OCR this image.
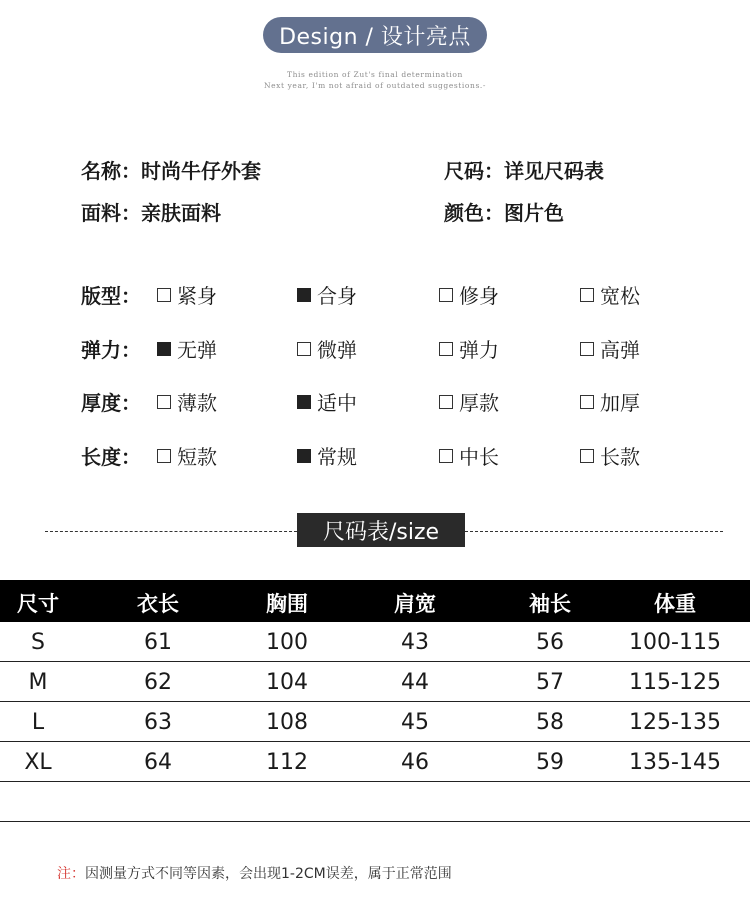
Design / 设计亮点
This edition of Zut's final determination
Next year, I'm not afraid of outdated suggestions.-
名称：时尚牛仔外套	尺码：详见尺码表
面料：亲肤面料	颜色：图片色
版型： 紧身	合身	修身	宽松
弹力： 无弹	微弹	弹力	高弹
厚度： 薄款	适中	厚款	加厚
长度： 短款	常规	中长	长款
尺码表/size
尺寸	衣长	胸围	肩宽	袖长	体重
S	61	100	43	56	100-115
M	62	104	44	57	115-125
L	63	108	45	58	125-135
XL	64	112	46	59	135-145
注：因测量方式不同等因素，会出现1-2CM误差，属于正常范围
